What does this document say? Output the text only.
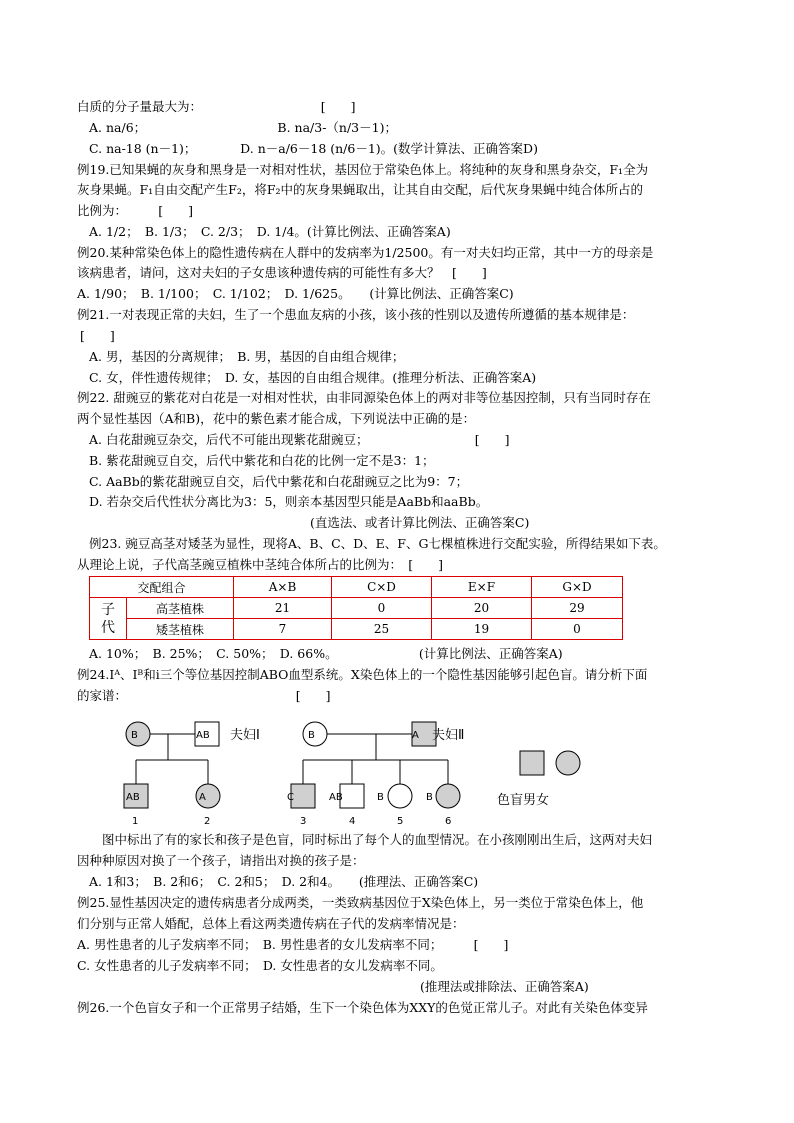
白质的分子量最大为：　　　　　　　　　　[　　]
A. na/6；　　　　　　　　　　　B. na/3-（n/3－1)；
C. na-18 (n－1)；　　　　D. n－a/6－18 (n/6－1)。(数学计算法、正确答案D)
例19.已知果蝇的灰身和黑身是一对相对性状，基因位于常染色体上。将纯种的灰身和黑身杂交，F₁全为
灰身果蝇。F₁自由交配产生F₂，将F₂中的灰身果蝇取出，让其自由交配，后代灰身果蝇中纯合体所占的
比例为：　　　[　　]
A. 1/2；　B. 1/3；　C. 2/3；　D. 1/4。(计算比例法、正确答案A)
例20.某种常染色体上的隐性遗传病在人群中的发病率为1/2500。有一对夫妇均正常，其中一方的母亲是
该病患者，请问，这对夫妇的子女患该种遗传病的可能性有多大？　[　　]
A. 1/90；　B. 1/100；　C. 1/102；　D. 1/625。　　(计算比例法、正确答案C)
例21.一对表现正常的夫妇，生了一个患血友病的小孩，该小孩的性别以及遗传所遵循的基本规律是：
[　　]
A. 男，基因的分离规律；　B. 男，基因的自由组合规律；
C. 女，伴性遗传规律；　D. 女，基因的自由组合规律。(推理分析法、正确答案A)
例22. 甜豌豆的紫花对白花是一对相对性状，由非同源染色体上的两对非等位基因控制，只有当同时存在
两个显性基因（A和B)，花中的紫色素才能合成，下列说法中正确的是：
A. 白花甜豌豆杂交，后代不可能出现紫花甜豌豆；　　　　　　　　　[　　]
B. 紫花甜豌豆自交，后代中紫花和白花的比例一定不是3：1；
C. AaBb的紫花甜豌豆自交，后代中紫花和白花甜豌豆之比为9：7；
D. 若杂交后代性状分离比为3：5，则亲本基因型只能是AaBb和aaBb。
(直选法、或者计算比例法、正确答案C)
例23. 豌豆高茎对矮茎为显性，现将A、B、C、D、E、F、G七棵植株进行交配实验，所得结果如下表。
从理论上说，子代高茎豌豆植株中茎纯合体所占的比例为：　[　　]
交配组合		A×B	C×D	E×F	G×D
子代	高茎植株	21	0	20	29
	矮茎植株	7	25	19	0
A. 10%；　B. 25%；　C. 50%；　D. 66%。　　　　　　　(计算比例法、正确答案A)
例24.Iᴬ、Iᴮ和i三个等位基因控制ABO血型系统。X染色体上的一个隐性基因能够引起色盲。请分析下面
的家谱：　　　　　　　　　　　　　　[　　]
B	AB	B	A
AB	A	C	AB	B	B
1	2	3	4	5	6
夫妇Ⅰ	夫妇Ⅱ
色盲男女
图中标出了有的家长和孩子是色盲，同时标出了每个人的血型情况。在小孩刚刚出生后，这两对夫妇
因种种原因对换了一个孩子，请指出对换的孩子是：
A. 1和3；　B. 2和6；　C. 2和5；　D. 2和4。　　(推理法、正确答案C)
例25.显性基因决定的遗传病患者分成两类，一类致病基因位于X染色体上，另一类位于常染色体上，他
们分别与正常人婚配，总体上看这两类遗传病在子代的发病率情况是：
A. 男性患者的儿子发病率不同；　B. 男性患者的女儿发病率不同；　　　[　　]
C. 女性患者的儿子发病率不同；　D. 女性患者的女儿发病率不同。
(推理法或排除法、正确答案A)
例26.一个色盲女子和一个正常男子结婚，生下一个染色体为XXY的色觉正常儿子。对此有关染色体变异
